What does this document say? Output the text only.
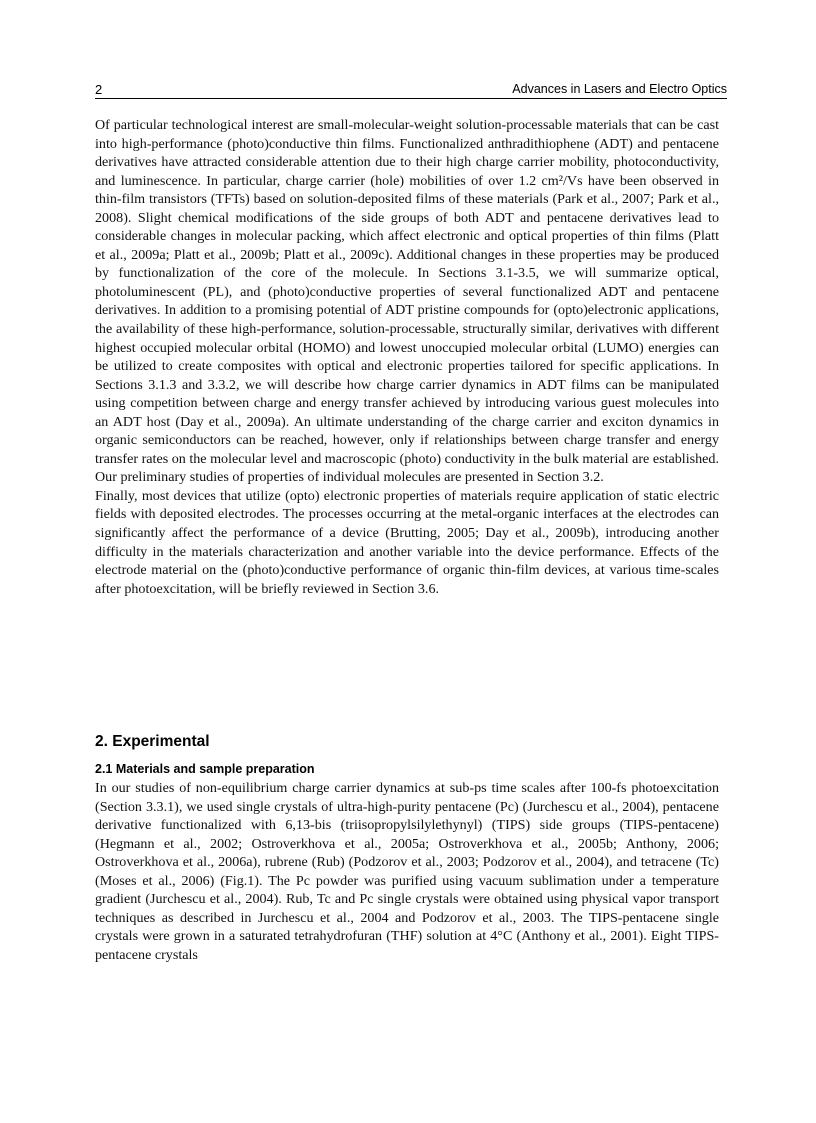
2	Advances in Lasers and Electro Optics

Of particular technological interest are small-molecular-weight solution-processable materials that can be cast into high-performance (photo)conductive thin films. Functionalized anthradithiophene (ADT) and pentacene derivatives have attracted considerable attention due to their high charge carrier mobility, photoconductivity, and luminescence. In particular, charge carrier (hole) mobilities of over 1.2 cm²/Vs have been observed in thin-film transistors (TFTs) based on solution-deposited films of these materials (Park et al., 2007; Park et al., 2008). Slight chemical modifications of the side groups of both ADT and pentacene derivatives lead to considerable changes in molecular packing, which affect electronic and optical properties of thin films (Platt et al., 2009a; Platt et al., 2009b; Platt et al., 2009c). Additional changes in these properties may be produced by functionalization of the core of the molecule. In Sections 3.1-3.5, we will summarize optical, photoluminescent (PL), and (photo)conductive properties of several functionalized ADT and pentacene derivatives. In addition to a promising potential of ADT pristine compounds for (opto)electronic applications, the availability of these high-performance, solution-processable, structurally similar, derivatives with different highest occupied molecular orbital (HOMO) and lowest unoccupied molecular orbital (LUMO) energies can be utilized to create composites with optical and electronic properties tailored for specific applications. In Sections 3.1.3 and 3.3.2, we will describe how charge carrier dynamics in ADT films can be manipulated using competition between charge and energy transfer achieved by introducing various guest molecules into an ADT host (Day et al., 2009a). An ultimate understanding of the charge carrier and exciton dynamics in organic semiconductors can be reached, however, only if relationships between charge transfer and energy transfer rates on the molecular level and macroscopic (photo) conductivity in the bulk material are established. Our preliminary studies of properties of individual molecules are presented in Section 3.2.

Finally, most devices that utilize (opto) electronic properties of materials require application of static electric fields with deposited electrodes. The processes occurring at the metal-organic interfaces at the electrodes can significantly affect the performance of a device (Brutting, 2005; Day et al., 2009b), introducing another difficulty in the materials characterization and another variable into the device performance. Effects of the electrode material on the (photo)conductive performance of organic thin-film devices, at various time-scales after photoexcitation, will be briefly reviewed in Section 3.6.

2. Experimental
2.1 Materials and sample preparation

In our studies of non-equilibrium charge carrier dynamics at sub-ps time scales after 100-fs photoexcitation (Section 3.3.1), we used single crystals of ultra-high-purity pentacene (Pc) (Jurchescu et al., 2004), pentacene derivative functionalized with 6,13-bis (triisopropylsilylethynyl) (TIPS) side groups (TIPS-pentacene) (Hegmann et al., 2002; Ostroverkhova et al., 2005a; Ostroverkhova et al., 2005b; Anthony, 2006; Ostroverkhova et al., 2006a), rubrene (Rub) (Podzorov et al., 2003; Podzorov et al., 2004), and tetracene (Tc) (Moses et al., 2006) (Fig.1). The Pc powder was purified using vacuum sublimation under a temperature gradient (Jurchescu et al., 2004). Rub, Tc and Pc single crystals were obtained using physical vapor transport techniques as described in Jurchescu et al., 2004 and Podzorov et al., 2003. The TIPS-pentacene single crystals were grown in a saturated tetrahydrofuran (THF) solution at 4°C (Anthony et al., 2001). Eight TIPS-pentacene crystals
